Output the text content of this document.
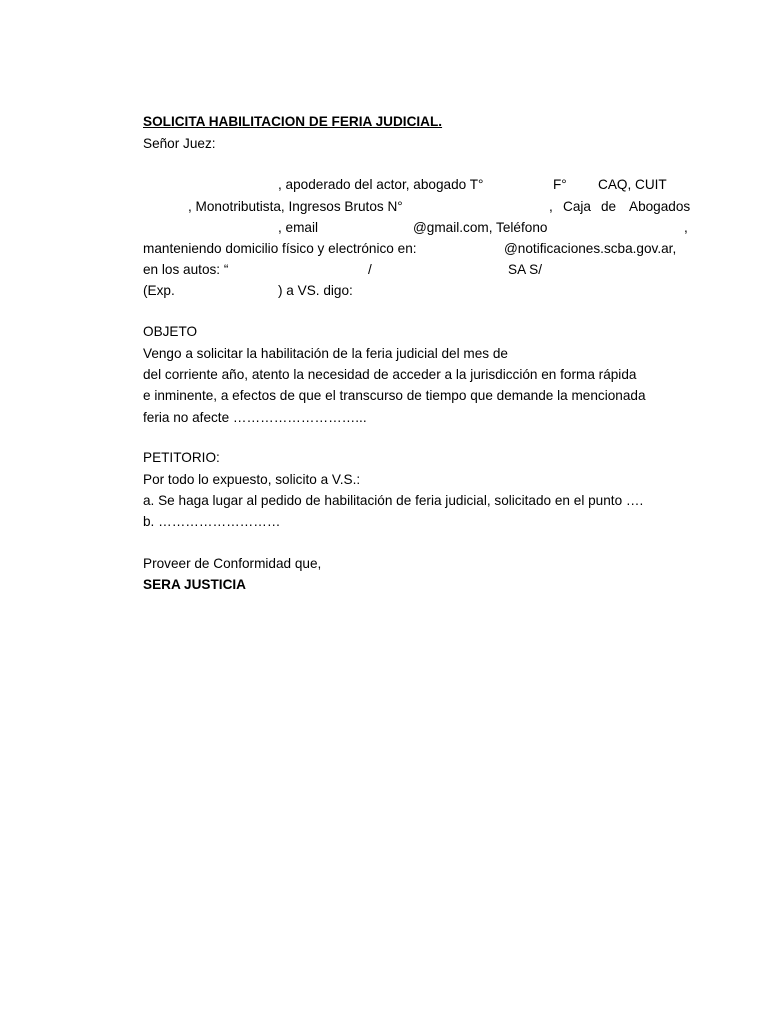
SOLICITA HABILITACION DE FERIA JUDICIAL.
Señor Juez:
, apoderado del actor, abogado T°	F° CAQ, CUIT
, Monotributista, Ingresos Brutos N°	, Caja de Abogados
, email	@gmail.com, Teléfono	,
manteniendo domicilio físico y electrónico en:	@notificaciones.scba.gov.ar,
en los autos: “	/	SA S/
(Exp.	) a VS. digo:
OBJETO
Vengo a solicitar la habilitación de la feria judicial del mes de
del corriente año, atento la necesidad de acceder a la jurisdicción en forma rápida
e inminente, a efectos de que el transcurso de tiempo que demande la mencionada
feria no afecte ………………………...
PETITORIO:
Por todo lo expuesto, solicito a V.S.:
a. Se haga lugar al pedido de habilitación de feria judicial, solicitado en el punto ….
b. ………………………
Proveer de Conformidad que,
SERA JUSTICIA
